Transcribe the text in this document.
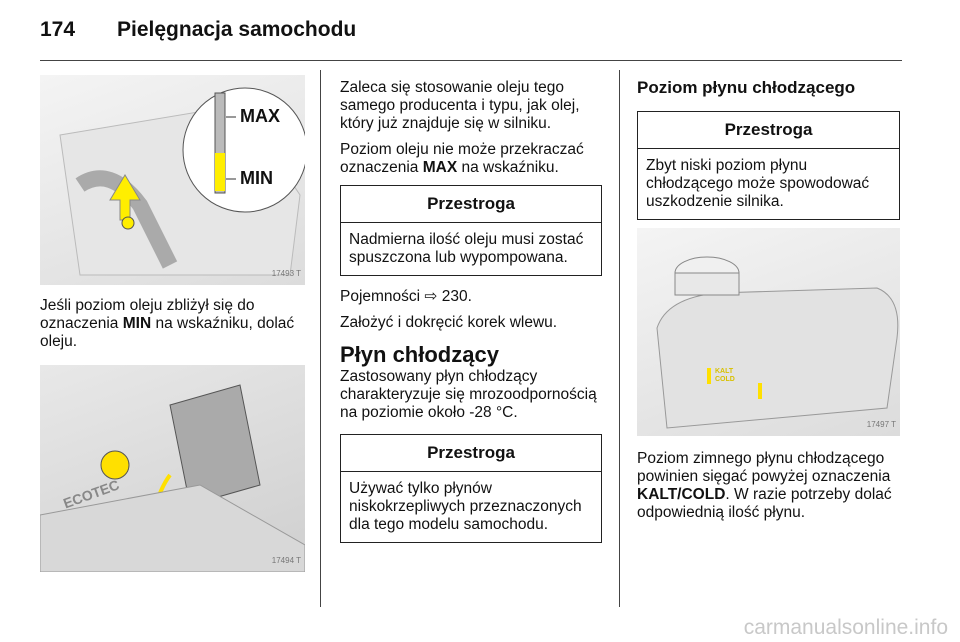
174 Pielęgnacja samochodu
MAX
MIN
17493 T

Jeśli poziom oleju zbliżył się do oznaczenia MIN na wskaźniku, dolać oleju.

ECOTEC
17494 T

Zaleca się stosowanie oleju tego samego producenta i typu, jak olej, który już znajduje się w silniku.

Poziom oleju nie może przekraczać oznaczenia MAX na wskaźniku.

Przestroga
Nadmierna ilość oleju musi zostać spuszczona lub wypompowana.

Pojemności ⇨ 230.

Założyć i dokręcić korek wlewu.

Płyn chłodzący

Zastosowany płyn chłodzący charakteryzuje się mrozoodpornością na poziomie około -28 °C.

Przestroga
Używać tylko płynów niskokrzepliwych przeznaczonych dla tego modelu samochodu.
Poziom płynu chłodzącego
Przestroga
Zbyt niski poziom płynu chłodzącego może spowodować uszkodzenie silnika.
KALT COLD
17497 T

Poziom zimnego płynu chłodzącego powinien sięgać powyżej oznaczenia KALT/COLD. W razie potrzeby dolać odpowiednią ilość płynu.

carmanualsonline.info
